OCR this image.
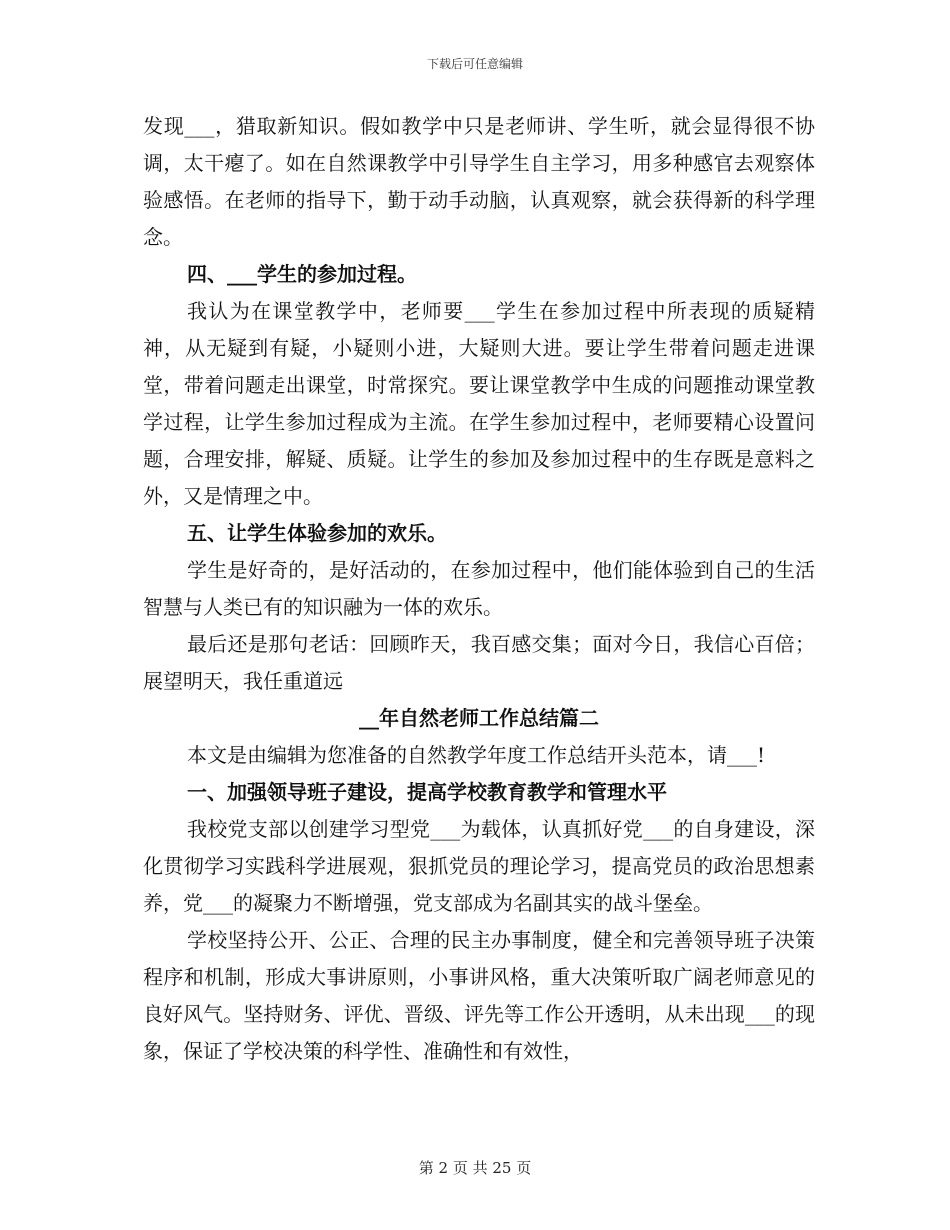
下载后可任意编辑

发现___，猎取新知识。假如教学中只是老师讲、学生听，就会显得很不协调，太干瘪了。如在自然课教学中引导学生自主学习，用多种感官去观察体验感悟。在老师的指导下，勤于动手动脑，认真观察，就会获得新的科学理念。

四、___学生的参加过程。

我认为在课堂教学中，老师要___学生在参加过程中所表现的质疑精神，从无疑到有疑，小疑则小进，大疑则大进。要让学生带着问题走进课堂，带着问题走出课堂，时常探究。要让课堂教学中生成的问题推动课堂教学过程，让学生参加过程成为主流。在学生参加过程中，老师要精心设置问题，合理安排，解疑、质疑。让学生的参加及参加过程中的生存既是意料之外，又是情理之中。

五、让学生体验参加的欢乐。

学生是好奇的，是好活动的，在参加过程中，他们能体验到自己的生活智慧与人类已有的知识融为一体的欢乐。

最后还是那句老话：回顾昨天，我百感交集；面对今日，我信心百倍；展望明天，我任重道远

__年自然老师工作总结篇二

本文是由编辑为您准备的自然教学年度工作总结开头范本，请___!

一、加强领导班子建设，提高学校教育教学和管理水平

我校党支部以创建学习型党___为载体，认真抓好党___的自身建设，深化贯彻学习实践科学进展观，狠抓党员的理论学习，提高党员的政治思想素养，党___的凝聚力不断增强，党支部成为名副其实的战斗堡垒。

学校坚持公开、公正、合理的民主办事制度，健全和完善领导班子决策程序和机制，形成大事讲原则，小事讲风格，重大决策听取广阔老师意见的良好风气。坚持财务、评优、晋级、评先等工作公开透明，从未出现___的现象，保证了学校决策的科学性、准确性和有效性，

第 2 页 共 25 页
